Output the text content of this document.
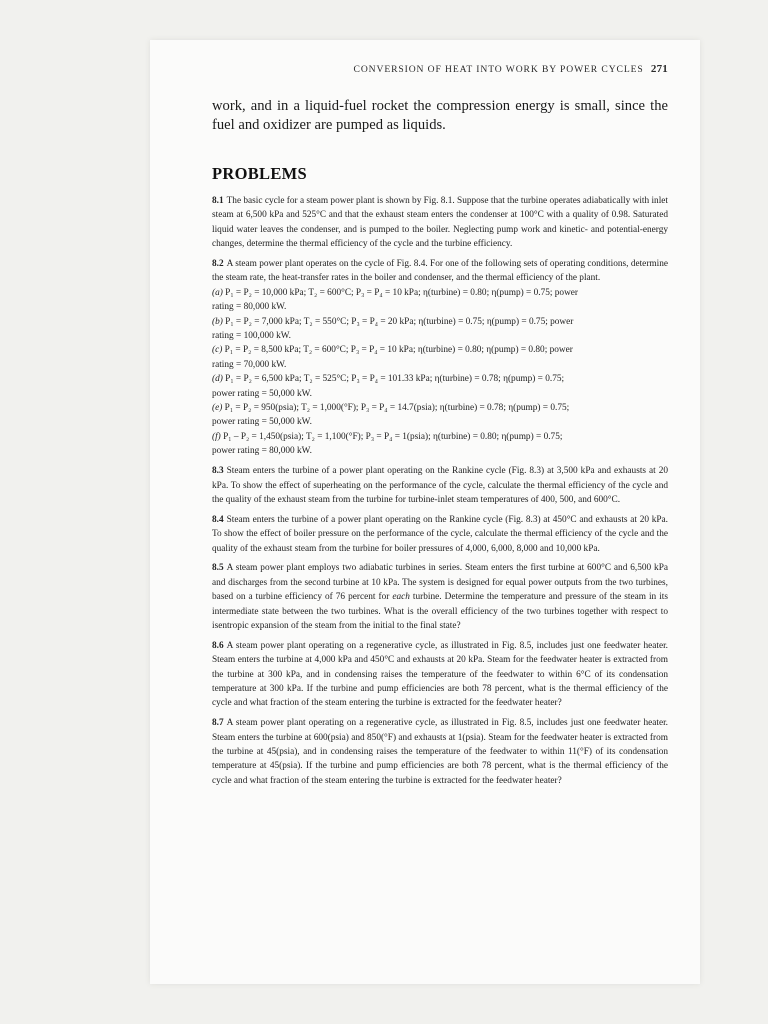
CONVERSION OF HEAT INTO WORK BY POWER CYCLES 271

work, and in a liquid-fuel rocket the compression energy is small, since the fuel and oxidizer are pumped as liquids.

PROBLEMS

8.1 The basic cycle for a steam power plant is shown by Fig. 8.1. Suppose that the turbine operates adiabatically with inlet steam at 6,500 kPa and 525°C and that the exhaust steam enters the condenser at 100°C with a quality of 0.98. Saturated liquid water leaves the condenser, and is pumped to the boiler. Neglecting pump work and kinetic- and potential-energy changes, determine the thermal efficiency of the cycle and the turbine efficiency.

8.2 A steam power plant operates on the cycle of Fig. 8.4. For one of the following sets of operating conditions, determine the steam rate, the heat-transfer rates in the boiler and condenser, and the thermal efficiency of the plant.

(a) P₁ = P₂ = 10,000 kPa; T₂ = 600°C; P₃ = P₄ = 10 kPa; η(turbine) = 0.80; η(pump) = 0.75; power
rating = 80,000 kW.

(b) P₁ = P₂ = 7,000 kPa; T₂ = 550°C; P₃ = P₄ = 20 kPa; η(turbine) = 0.75; η(pump) = 0.75; power
rating = 100,000 kW.

(c) P₁ = P₂ = 8,500 kPa; T₂ = 600°C; P₃ = P₄ = 10 kPa; η(turbine) = 0.80; η(pump) = 0.80; power
rating = 70,000 kW.

(d) P₁ = P₂ = 6,500 kPa; T₂ = 525°C; P₃ = P₄ = 101.33 kPa; η(turbine) = 0.78; η(pump) = 0.75;
power rating = 50,000 kW.

(e) P₁ = P₂ = 950(psia); T₂ = 1,000(°F); P₃ = P₄ = 14.7(psia); η(turbine) = 0.78; η(pump) = 0.75;
power rating = 50,000 kW.

(f) P₁ – P₂ = 1,450(psia); T₂ = 1,100(°F); P₃ = P₄ = 1(psia); η(turbine) = 0.80; η(pump) = 0.75;
power rating = 80,000 kW.

8.3 Steam enters the turbine of a power plant operating on the Rankine cycle (Fig. 8.3) at 3,500 kPa and exhausts at 20 kPa. To show the effect of superheating on the performance of the cycle, calculate the thermal efficiency of the cycle and the quality of the exhaust steam from the turbine for turbine-inlet steam temperatures of 400, 500, and 600°C.

8.4 Steam enters the turbine of a power plant operating on the Rankine cycle (Fig. 8.3) at 450°C and exhausts at 20 kPa. To show the effect of boiler pressure on the performance of the cycle, calculate the thermal efficiency of the cycle and the quality of the exhaust steam from the turbine for boiler pressures of 4,000, 6,000, 8,000 and 10,000 kPa.

8.5 A steam power plant employs two adiabatic turbines in series. Steam enters the first turbine at 600°C and 6,500 kPa and discharges from the second turbine at 10 kPa. The system is designed for equal power outputs from the two turbines, based on a turbine efficiency of 76 percent for each turbine. Determine the temperature and pressure of the steam in its intermediate state between the two turbines. What is the overall efficiency of the two turbines together with respect to isentropic expansion of the steam from the initial to the final state?

8.6 A steam power plant operating on a regenerative cycle, as illustrated in Fig. 8.5, includes just one feedwater heater. Steam enters the turbine at 4,000 kPa and 450°C and exhausts at 20 kPa. Steam for the feedwater heater is extracted from the turbine at 300 kPa, and in condensing raises the temperature of the feedwater to within 6°C of its condensation temperature at 300 kPa. If the turbine and pump efficiencies are both 78 percent, what is the thermal efficiency of the cycle and what fraction of the steam entering the turbine is extracted for the feedwater heater?

8.7 A steam power plant operating on a regenerative cycle, as illustrated in Fig. 8.5, includes just one feedwater heater. Steam enters the turbine at 600(psia) and 850(°F) and exhausts at 1(psia). Steam for the feedwater heater is extracted from the turbine at 45(psia), and in condensing raises the temperature of the feedwater to within 11(°F) of its condensation temperature at 45(psia). If the turbine and pump efficiencies are both 78 percent, what is the thermal efficiency of the cycle and what fraction of the steam entering the turbine is extracted for the feedwater heater?
